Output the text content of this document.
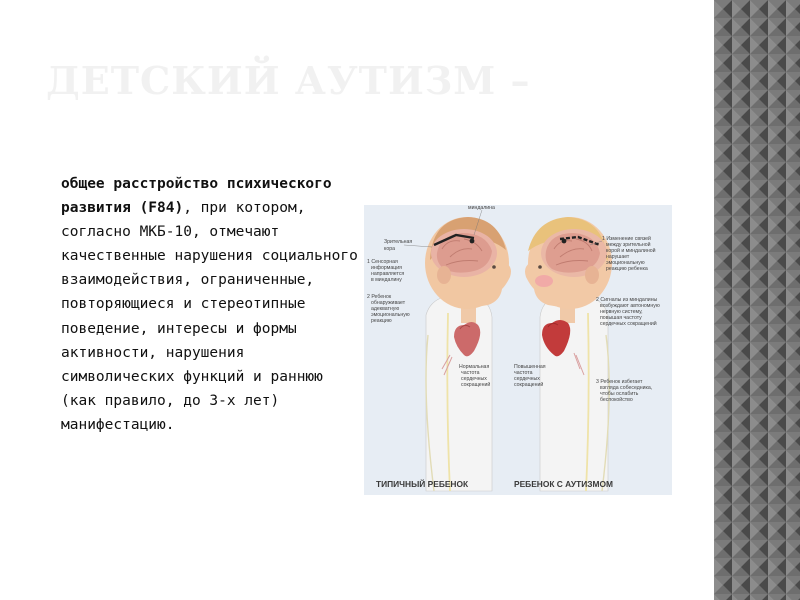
ДЕТСКИЙ АУТИЗМ –
общее расстройство психического развития (F84), при котором, согласно МКБ-10, отмечают качественные нарушения социального взаимодействия, ограниченные, повторяющиеся и стереотипные поведение, интересы и формы активности, нарушения символических функций и раннюю (как правило, до 3-х лет) манифестацию.
миндалина
Зрительная кора
1 Сенсорная информация направляется в миндалину
2 Ребенок обнаруживает адекватную эмоциональную реакцию
Нормальная частота сердечных сокращений
Повышенная частота сердечных сокращений
1 Изменение связей между зрительной корой и миндалиной нарушает эмоциональную реакцию ребенка
2 Сигналы из миндалины возбуждают автономную нервную систему, повышая частоту сердечных сокращений
3 Ребенок избегает взгляда собеседника, чтобы ослабить беспокойство
ТИПИЧНЫЙ РЕБЕНОК	РЕБЕНОК С АУТИЗМОМ
